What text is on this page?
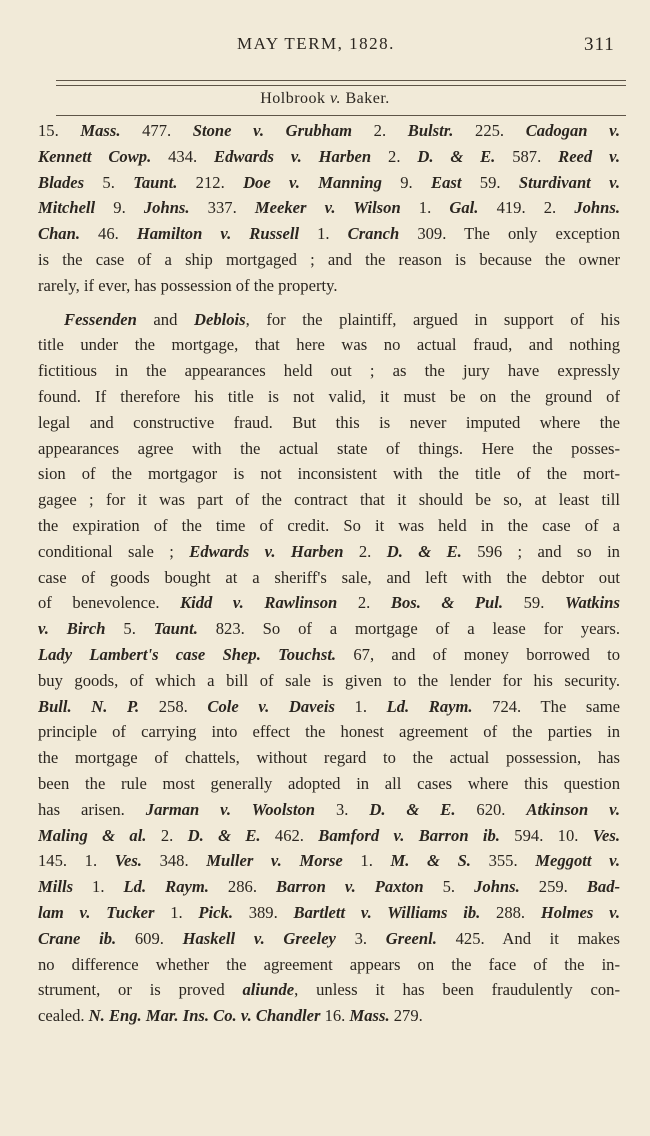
MAY TERM, 1828.	311
Holbrook v. Baker.
15. Mass. 477. Stone v. Grubham 2. Bulstr. 225. Cadogan v.
Kennett Cowp. 434. Edwards v. Harben 2. D. & E. 587. Reed v.
Blades 5. Taunt. 212. Doe v. Manning 9. East 59. Sturdivant v.
Mitchell 9. Johns. 337. Meeker v. Wilson 1. Gal. 419. 2. Johns.
Chan. 46. Hamilton v. Russell 1. Cranch 309. The only exception
is the case of a ship mortgaged ; and the reason is because the owner
rarely, if ever, has possession of the property.
Fessenden and Deblois, for the plaintiff, argued in support of his
title under the mortgage, that here was no actual fraud, and nothing
fictitious in the appearances held out ; as the jury have expressly
found. If therefore his title is not valid, it must be on the ground of
legal and constructive fraud. But this is never imputed where the
appearances agree with the actual state of things. Here the posses-
sion of the mortgagor is not inconsistent with the title of the mort-
gagee ; for it was part of the contract that it should be so, at least till
the expiration of the time of credit. So it was held in the case of a
conditional sale ; Edwards v. Harben 2. D. & E. 596 ; and so in
case of goods bought at a sheriff's sale, and left with the debtor out
of benevolence. Kidd v. Rawlinson 2. Bos. & Pul. 59. Watkins
v. Birch 5. Taunt. 823. So of a mortgage of a lease for years.
Lady Lambert's case Shep. Touchst. 67, and of money borrowed to
buy goods, of which a bill of sale is given to the lender for his security.
Bull. N. P. 258. Cole v. Daveis 1. Ld. Raym. 724. The same
principle of carrying into effect the honest agreement of the parties in
the mortgage of chattels, without regard to the actual possession, has
been the rule most generally adopted in all cases where this question
has arisen. Jarman v. Woolston 3. D. & E. 620. Atkinson v.
Maling & al. 2. D. & E. 462. Bamford v. Barron ib. 594. 10. Ves.
145. 1. Ves. 348. Muller v. Morse 1. M. & S. 355. Meggott v.
Mills 1. Ld. Raym. 286. Barron v. Paxton 5. Johns. 259. Bad-
lam v. Tucker 1. Pick. 389. Bartlett v. Williams ib. 288. Holmes v.
Crane ib. 609. Haskell v. Greeley 3. Greenl. 425. And it makes
no difference whether the agreement appears on the face of the in-
strument, or is proved aliunde, unless it has been fraudulently con-
cealed. N. Eng. Mar. Ins. Co. v. Chandler 16. Mass. 279.
